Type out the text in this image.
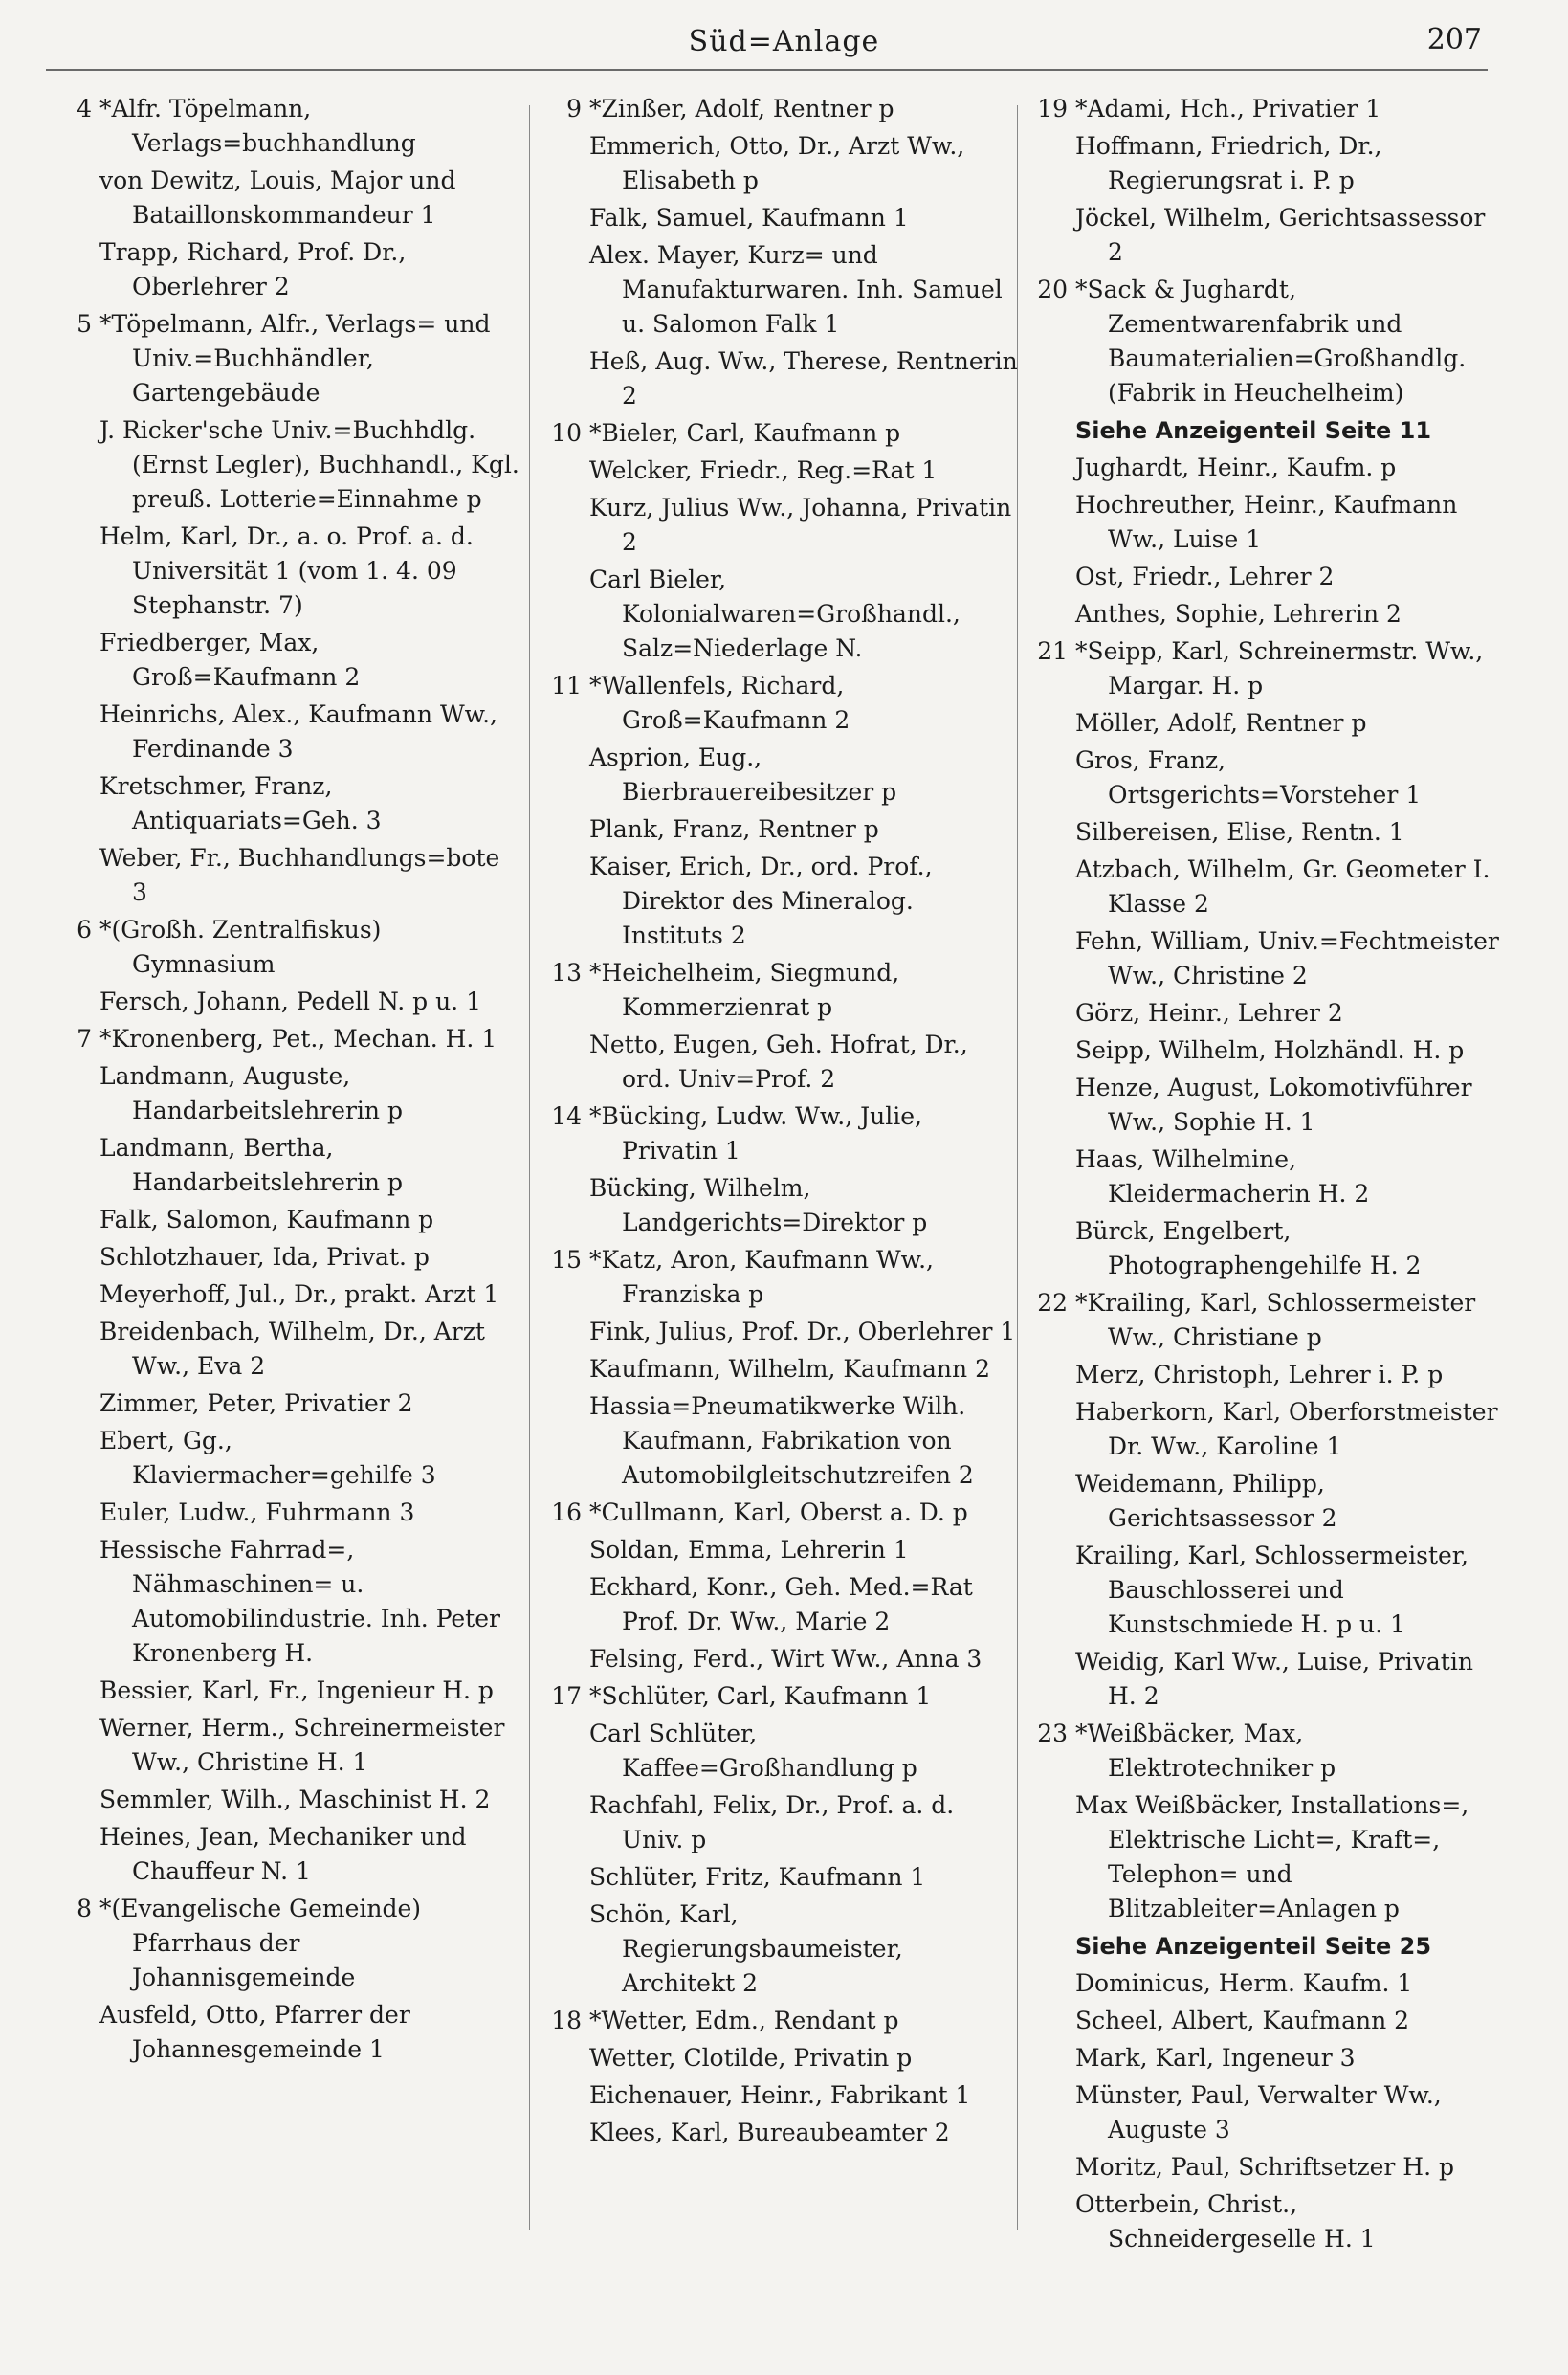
Süd=Anlage	207
4 *Alfr. Töpelmann, Verlags=buchhandlung
von Dewitz, Louis, Major und Bataillonskommandeur 1
Trapp, Richard, Prof. Dr., Oberlehrer 2
5 *Töpelmann, Alfr., Verlags= und Univ.=Buchhändler, Gartengebäude
J. Ricker'sche Univ.=Buchhdlg. (Ernst Legler), Buchhandl., Kgl. preuß. Lotterie=Einnahme p
Helm, Karl, Dr., a. o. Prof. a. d. Universität 1 (vom 1. 4. 09 Stephanstr. 7)
Friedberger, Max, Groß=Kaufmann 2
Heinrichs, Alex., Kaufmann Ww., Ferdinande 3
Kretschmer, Franz, Antiquariats=Geh. 3
Weber, Fr., Buchhandlungs=bote 3
6 *(Großh. Zentralfiskus) Gymnasium
Fersch, Johann, Pedell N. p u. 1
7 *Kronenberg, Pet., Mechan. H. 1
Landmann, Auguste, Handarbeitslehrerin p
Landmann, Bertha, Handarbeitslehrerin p
Falk, Salomon, Kaufmann p
Schlotzhauer, Ida, Privat. p
Meyerhoff, Jul., Dr., prakt. Arzt 1
Breidenbach, Wilhelm, Dr., Arzt Ww., Eva 2
Zimmer, Peter, Privatier 2
Ebert, Gg., Klaviermacher=gehilfe 3
Euler, Ludw., Fuhrmann 3
Hessische Fahrrad=, Nähmaschinen= u. Automobilindustrie. Inh. Peter Kronenberg H.
Bessier, Karl, Fr., Ingenieur H. p
Werner, Herm., Schreinermeister Ww., Christine H. 1
Semmler, Wilh., Maschinist H. 2
Heines, Jean, Mechaniker und Chauffeur N. 1
8 *(Evangelische Gemeinde) Pfarrhaus der Johannisgemeinde
Ausfeld, Otto, Pfarrer der Johannesgemeinde 1
9 *Zinßer, Adolf, Rentner p
Emmerich, Otto, Dr., Arzt Ww., Elisabeth p
Falk, Samuel, Kaufmann 1
Alex. Mayer, Kurz= und Manufakturwaren. Inh. Samuel u. Salomon Falk 1
Heß, Aug. Ww., Therese, Rentnerin 2
10 *Bieler, Carl, Kaufmann p
Welcker, Friedr., Reg.=Rat 1
Kurz, Julius Ww., Johanna, Privatin 2
Carl Bieler, Kolonialwaren=Großhandl., Salz=Niederlage N.
11 *Wallenfels, Richard, Groß=Kaufmann 2
Asprion, Eug., Bierbrauereibesitzer p
Plank, Franz, Rentner p
Kaiser, Erich, Dr., ord. Prof., Direktor des Mineralog. Instituts 2
13 *Heichelheim, Siegmund, Kommerzienrat p
Netto, Eugen, Geh. Hofrat, Dr., ord. Univ=Prof. 2
14 *Bücking, Ludw. Ww., Julie, Privatin 1
Bücking, Wilhelm, Landgerichts=Direktor p
15 *Katz, Aron, Kaufmann Ww., Franziska p
Fink, Julius, Prof. Dr., Oberlehrer 1
Kaufmann, Wilhelm, Kaufmann 2
Hassia=Pneumatikwerke Wilh. Kaufmann, Fabrikation von Automobilgleitschutzreifen 2
16 *Cullmann, Karl, Oberst a. D. p
Soldan, Emma, Lehrerin 1
Eckhard, Konr., Geh. Med.=Rat Prof. Dr. Ww., Marie 2
Felsing, Ferd., Wirt Ww., Anna 3
17 *Schlüter, Carl, Kaufmann 1
Carl Schlüter, Kaffee=Großhandlung p
Rachfahl, Felix, Dr., Prof. a. d. Univ. p
Schlüter, Fritz, Kaufmann 1
Schön, Karl, Regierungsbaumeister, Architekt 2
18 *Wetter, Edm., Rendant p
Wetter, Clotilde, Privatin p
Eichenauer, Heinr., Fabrikant 1
Klees, Karl, Bureaubeamter 2
19 *Adami, Hch., Privatier 1
Hoffmann, Friedrich, Dr., Regierungsrat i. P. p
Jöckel, Wilhelm, Gerichtsassessor 2
20 *Sack & Jughardt, Zementwarenfabrik und Baumaterialien=Großhandlg. (Fabrik in Heuchelheim)
Siehe Anzeigenteil Seite 11
Jughardt, Heinr., Kaufm. p
Hochreuther, Heinr., Kaufmann Ww., Luise 1
Ost, Friedr., Lehrer 2
Anthes, Sophie, Lehrerin 2
21 *Seipp, Karl, Schreinermstr. Ww., Margar. H. p
Möller, Adolf, Rentner p
Gros, Franz, Ortsgerichts=Vorsteher 1
Silbereisen, Elise, Rentn. 1
Atzbach, Wilhelm, Gr. Geometer I. Klasse 2
Fehn, William, Univ.=Fechtmeister Ww., Christine 2
Görz, Heinr., Lehrer 2
Seipp, Wilhelm, Holzhändl. H. p
Henze, August, Lokomotivführer Ww., Sophie H. 1
Haas, Wilhelmine, Kleidermacherin H. 2
Bürck, Engelbert, Photographengehilfe H. 2
22 *Krailing, Karl, Schlossermeister Ww., Christiane p
Merz, Christoph, Lehrer i. P. p
Haberkorn, Karl, Oberforstmeister Dr. Ww., Karoline 1
Weidemann, Philipp, Gerichtsassessor 2
Krailing, Karl, Schlossermeister, Bauschlosserei und Kunstschmiede H. p u. 1
Weidig, Karl Ww., Luise, Privatin H. 2
23 *Weißbäcker, Max, Elektrotechniker p
Max Weißbäcker, Installations=, Elektrische Licht=, Kraft=, Telephon= und Blitzableiter=Anlagen p
Siehe Anzeigenteil Seite 25
Dominicus, Herm. Kaufm. 1
Scheel, Albert, Kaufmann 2
Mark, Karl, Ingeneur 3
Münster, Paul, Verwalter Ww., Auguste 3
Moritz, Paul, Schriftsetzer H. p
Otterbein, Christ., Schneidergeselle H. 1
